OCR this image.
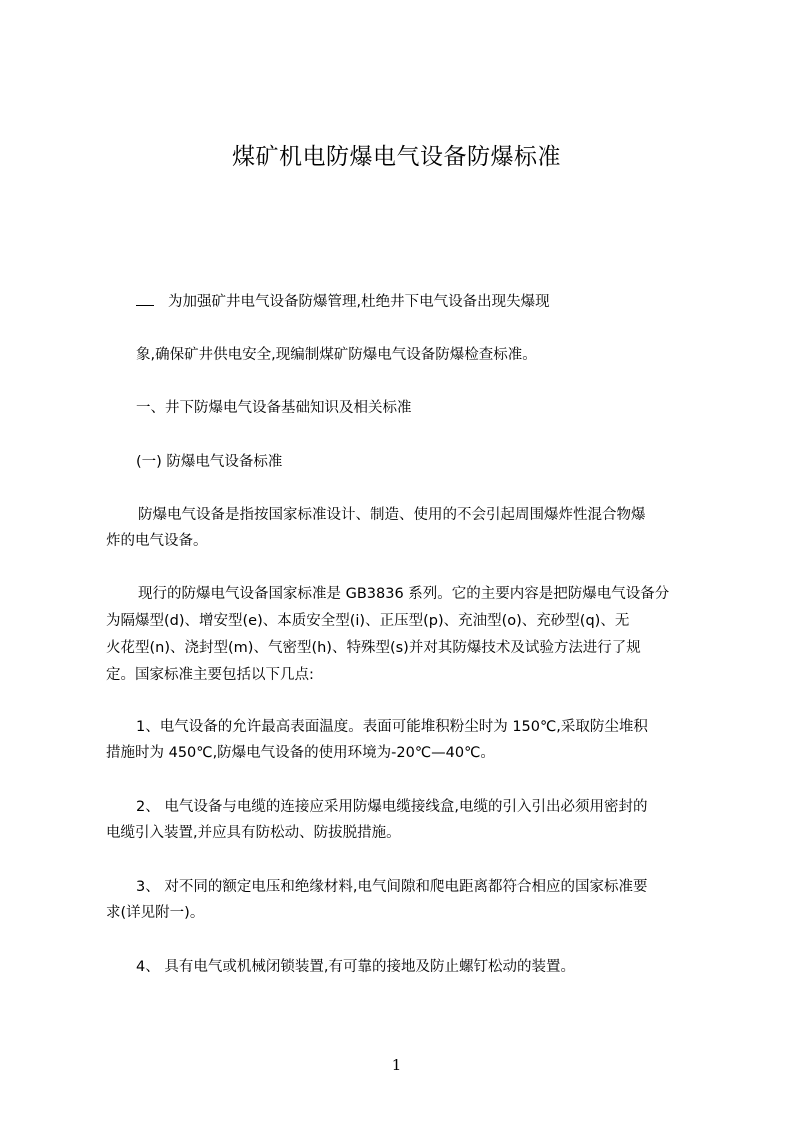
煤矿机电防爆电气设备防爆标准
为加强矿井电气设备防爆管理,杜绝井下电气设备出现失爆现
象,确保矿井供电安全,现编制煤矿防爆电气设备防爆检查标准。
一、井下防爆电气设备基础知识及相关标准
(一) 防爆电气设备标准
防爆电气设备是指按国家标准设计、制造、使用的不会引起周围爆炸性混合物爆
炸的电气设备。
现行的防爆电气设备国家标准是 GB3836 系列。它的主要内容是把防爆电气设备分
为隔爆型(d)、增安型(e)、本质安全型(i)、正压型(p)、充油型(o)、充砂型(q)、无
火花型(n)、浇封型(m)、气密型(h)、特殊型(s)并对其防爆技术及试验方法进行了规
定。国家标准主要包括以下几点:
1、电气设备的允许最高表面温度。表面可能堆积粉尘时为 150℃,采取防尘堆积
措施时为 450℃,防爆电气设备的使用环境为-20℃—40℃。
2、 电气设备与电缆的连接应采用防爆电缆接线盒,电缆的引入引出必须用密封的
电缆引入装置,并应具有防松动、防拔脱措施。
3、 对不同的额定电压和绝缘材料,电气间隙和爬电距离都符合相应的国家标准要
求(详见附一)。
4、 具有电气或机械闭锁装置,有可靠的接地及防止螺钉松动的装置。
1
